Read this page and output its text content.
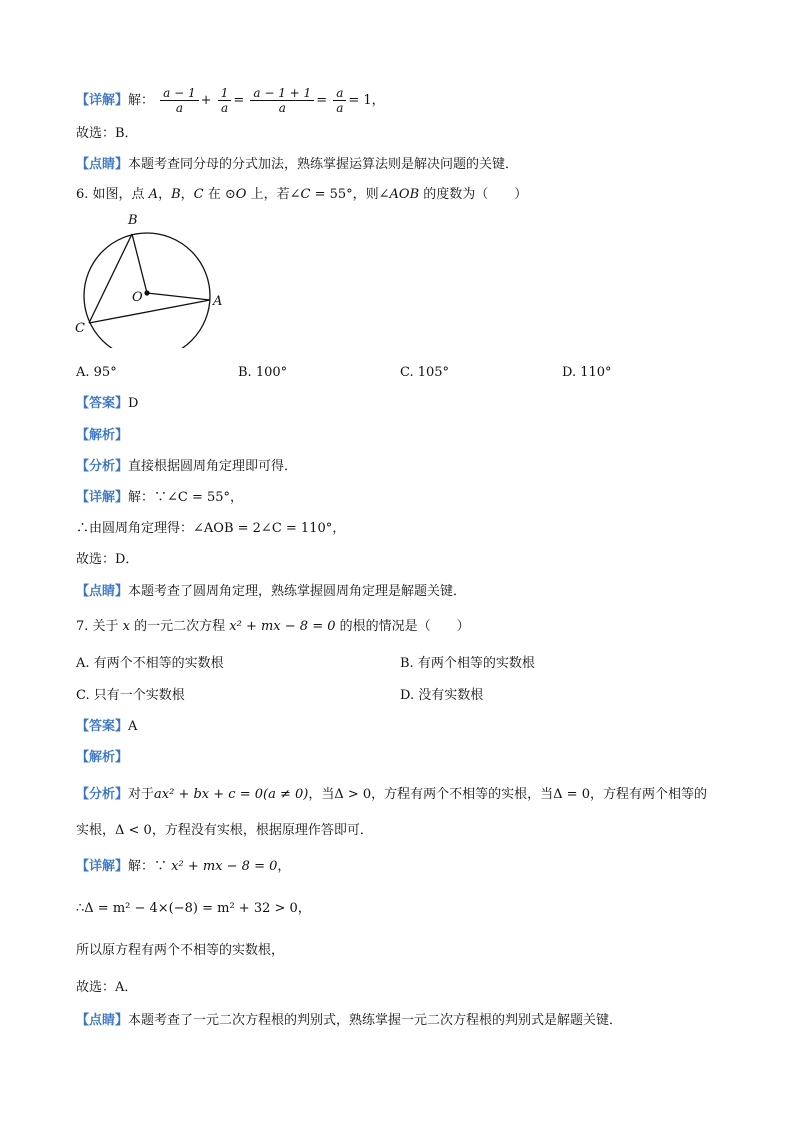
【详解】解： $\frac{a - 1}{a} + \frac{1}{a} = \frac{a - 1 + 1}{a} = \frac{a}{a} = 1$，
故选：B．
【点睛】本题考查同分母的分式加法，熟练掌握运算法则是解决问题的关键．
6. 如图，点 A，B，C 在 ⊙O 上，若∠C = 55°，则∠AOB 的度数为（　　）
B
O	A
C
A. 95°	B. 100°	C. 105°	D. 110°
【答案】D
【解析】
【分析】直接根据圆周角定理即可得．
【详解】解：∵∠C = 55°，
∴由圆周角定理得：∠AOB = 2∠C = 110°，
故选：D．
【点睛】本题考查了圆周角定理，熟练掌握圆周角定理是解题关键．
7. 关于 x 的一元二次方程 x² + mx − 8 = 0 的根的情况是（　　）
A. 有两个不相等的实数根	B. 有两个相等的实数根
C. 只有一个实数根	D. 没有实数根
【答案】A
【解析】
【分析】对于ax² + bx + c = 0(a ≠ 0)，当Δ > 0，方程有两个不相等的实根，当Δ = 0，方程有两个相等的
实根，Δ < 0，方程没有实根，根据原理作答即可．
【详解】解：∵ x² + mx − 8 = 0，
∴Δ = m² − 4×(−8) = m² + 32 > 0，
所以原方程有两个不相等的实数根，
故选：A．
【点睛】本题考查了一元二次方程根的判别式，熟练掌握一元二次方程根的判别式是解题关键．
